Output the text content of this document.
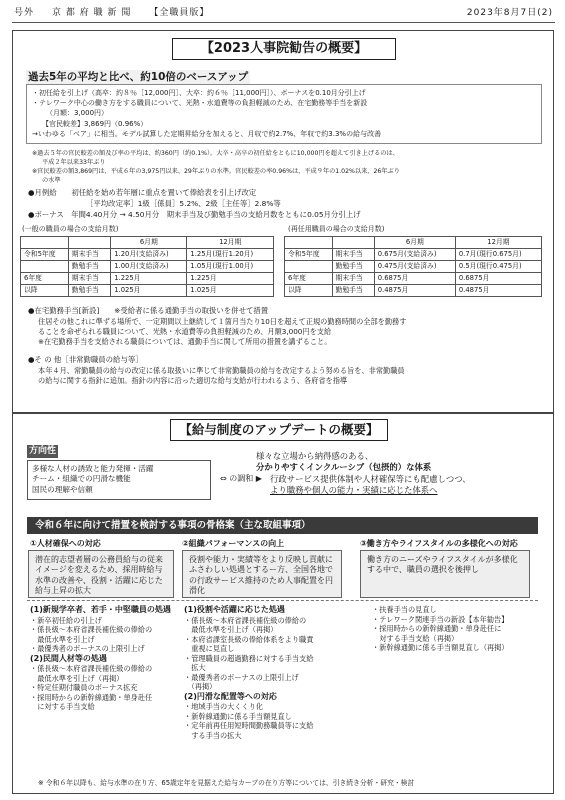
号外 京 都 府 職 新 聞 【全職員版】	2023年8月7日(2)
【2023人事院勧告の概要】
過去5年の平均と比べ、約10倍のベースアップ
・初任給を引上げ（高卒：約８％［12,000円］、大卒：約６％［11,000円］）、ボーナスを0.10月分引上げ
・テレワーク中心の働き方をする職員について、光熱・水道費等の負担軽減のため、在宅勤務等手当を新設
（月額：3,000円）
【官民較差】3,869円（0.96%）
→いわゆる「ベア」に相当。モデル試算した定期昇給分を加えると、月収で約2.7%、年収で約3.3%の給与改善
※過去５年の官民較差の額及び率の平均は、約360円（約0.1%）。大卒・高卒の初任給をともに10,000円を超えて引き上げるのは、
平成２年以来33年ぶり
※官民較差の額3,869円は、平成６年の3,975円以来、29年ぶりの水準。官民較差の率0.96%は、平成９年の1.02%以来、26年ぶり
の水準
●月例給　　初任給を始め若年層に重点を置いて俸給表を引上げ改定
［平均改定率］1級［係員］5.2%、2級［主任等］2.8%等
●ボーナス　年間4.40月分 → 4.50月分　期末手当及び勤勉手当の支給月数をともに0.05月分引上げ
(一般の職員の場合の支給月数)
		6月期	12月期
令和5年度	期末手当	1.20月(支給済み)	1.25月(現行1.20月)
	勤勉手当	1.00月(支給済み)	1.05月(現行1.00月)
6年度	期末手当	1.225月	1.225月
以降	勤勉手当	1.025月	1.025月
(再任用職員の場合の支給月数)
		6月期	12月期
令和5年度	期末手当	0.675月(支給済み)	0.7月(現行0.675月)
	勤勉手当	0.475月(支給済み)	0.5月(現行0.475月)
6年度	期末手当	0.6875月	0.6875月
以降	勤勉手当	0.4875月	0.4875月
●在宅勤務手当[新設]　　※受給者に係る通勤手当の取扱いを併せて措置
住居その他これに準ずる場所で、一定期間以上継続して１箇月当たり10日を超えて正規の勤務時間の全部を勤務す
ることを命ぜられる職員について、光熱・水道費等の負担軽減のため、月額3,000円を支給
※在宅勤務手当を支給される職員については、通勤手当に関して所用の措置を講ずること。
●そ の 他［非常勤職員の給与等］
本年４月、常勤職員の給与の改定に係る取扱いに準じて非常勤職員の給与を改定するよう努める旨を、非常勤職員
の給与に関する指針に追加。指針の内容に沿った適切な給与支給が行われるよう、各府省を指導
【給与制度のアップデートの概要】
方向性
多様な人材の誘致と能力発揮・活躍
チーム・組織での円滑な機能
国民の理解や信頼
⇔ の調和 ▶
様々な立場から納得感のある、
分かりやすくインクルーシブ（包摂的）な体系
行政サービス提供体制や人材確保等にも配慮しつつ、
より職務や個人の能力・実績に応じた体系へ
令和６年に向けて措置を検討する事項の骨格案（主な取組事項）
①人材確保への対応	②組織パフォーマンスの向上	③働き方やライフスタイルの多様化への対応
潜在的志望者層の公務員給与の従来イメージを変えるため、採用時給与水準の改善や、役割・活躍に応じた給与上昇の拡大
役割や能力・実績等をより反映し貢献にふさわしい処遇とするー方、全国各地での行政サービス維持のため人事配置を円滑化
働き方のニーズやライフスタイルが多様化する中で、職員の選択を後押し
(1)新規学卒者、若手・中堅職員の処遇
・新卒初任給の引上げ
・係長級～本府省課長補佐級の俸給の
　最低水準を引上げ
・最優秀者のボーナスの上限引上げ
(2)民間人材等の処遇
・係長級～本府省課長補佐級の俸給の
　最低水準を引上げ（再掲）
・特定任期付職員のボーナス拡充
・採用時からの新幹線通勤・単身赴任
　に対する手当支給
(1)役割や活躍に応じた処遇
・係長級～本府省課長補佐級の俸給の
　最低水準を引上げ（再掲）
・本府省課室長級の俸給体系をより職責
　重視に見直し
・管理職員の超過勤務に対する手当支給
　拡大
・最優秀者のボーナスの上限引上げ
　（再掲）
(2)円滑な配置等への対応
・地域手当の大くくり化
・新幹線通勤に係る手当額見直し
・定年前再任用短時間勤務職員等に支給
　する手当の拡大
・扶養手当の見直し
・テレワーク関連手当の新設【本年勧告】
・採用時からの新幹線通勤・単身赴任に
　対する手当支給（再掲）
・新幹線通勤に係る手当額見直し（再掲）
※ 令和６年以降も、給与水準の在り方、65歳定年を見据えた給与カーブの在り方等については、引き続き分析・研究・検討
